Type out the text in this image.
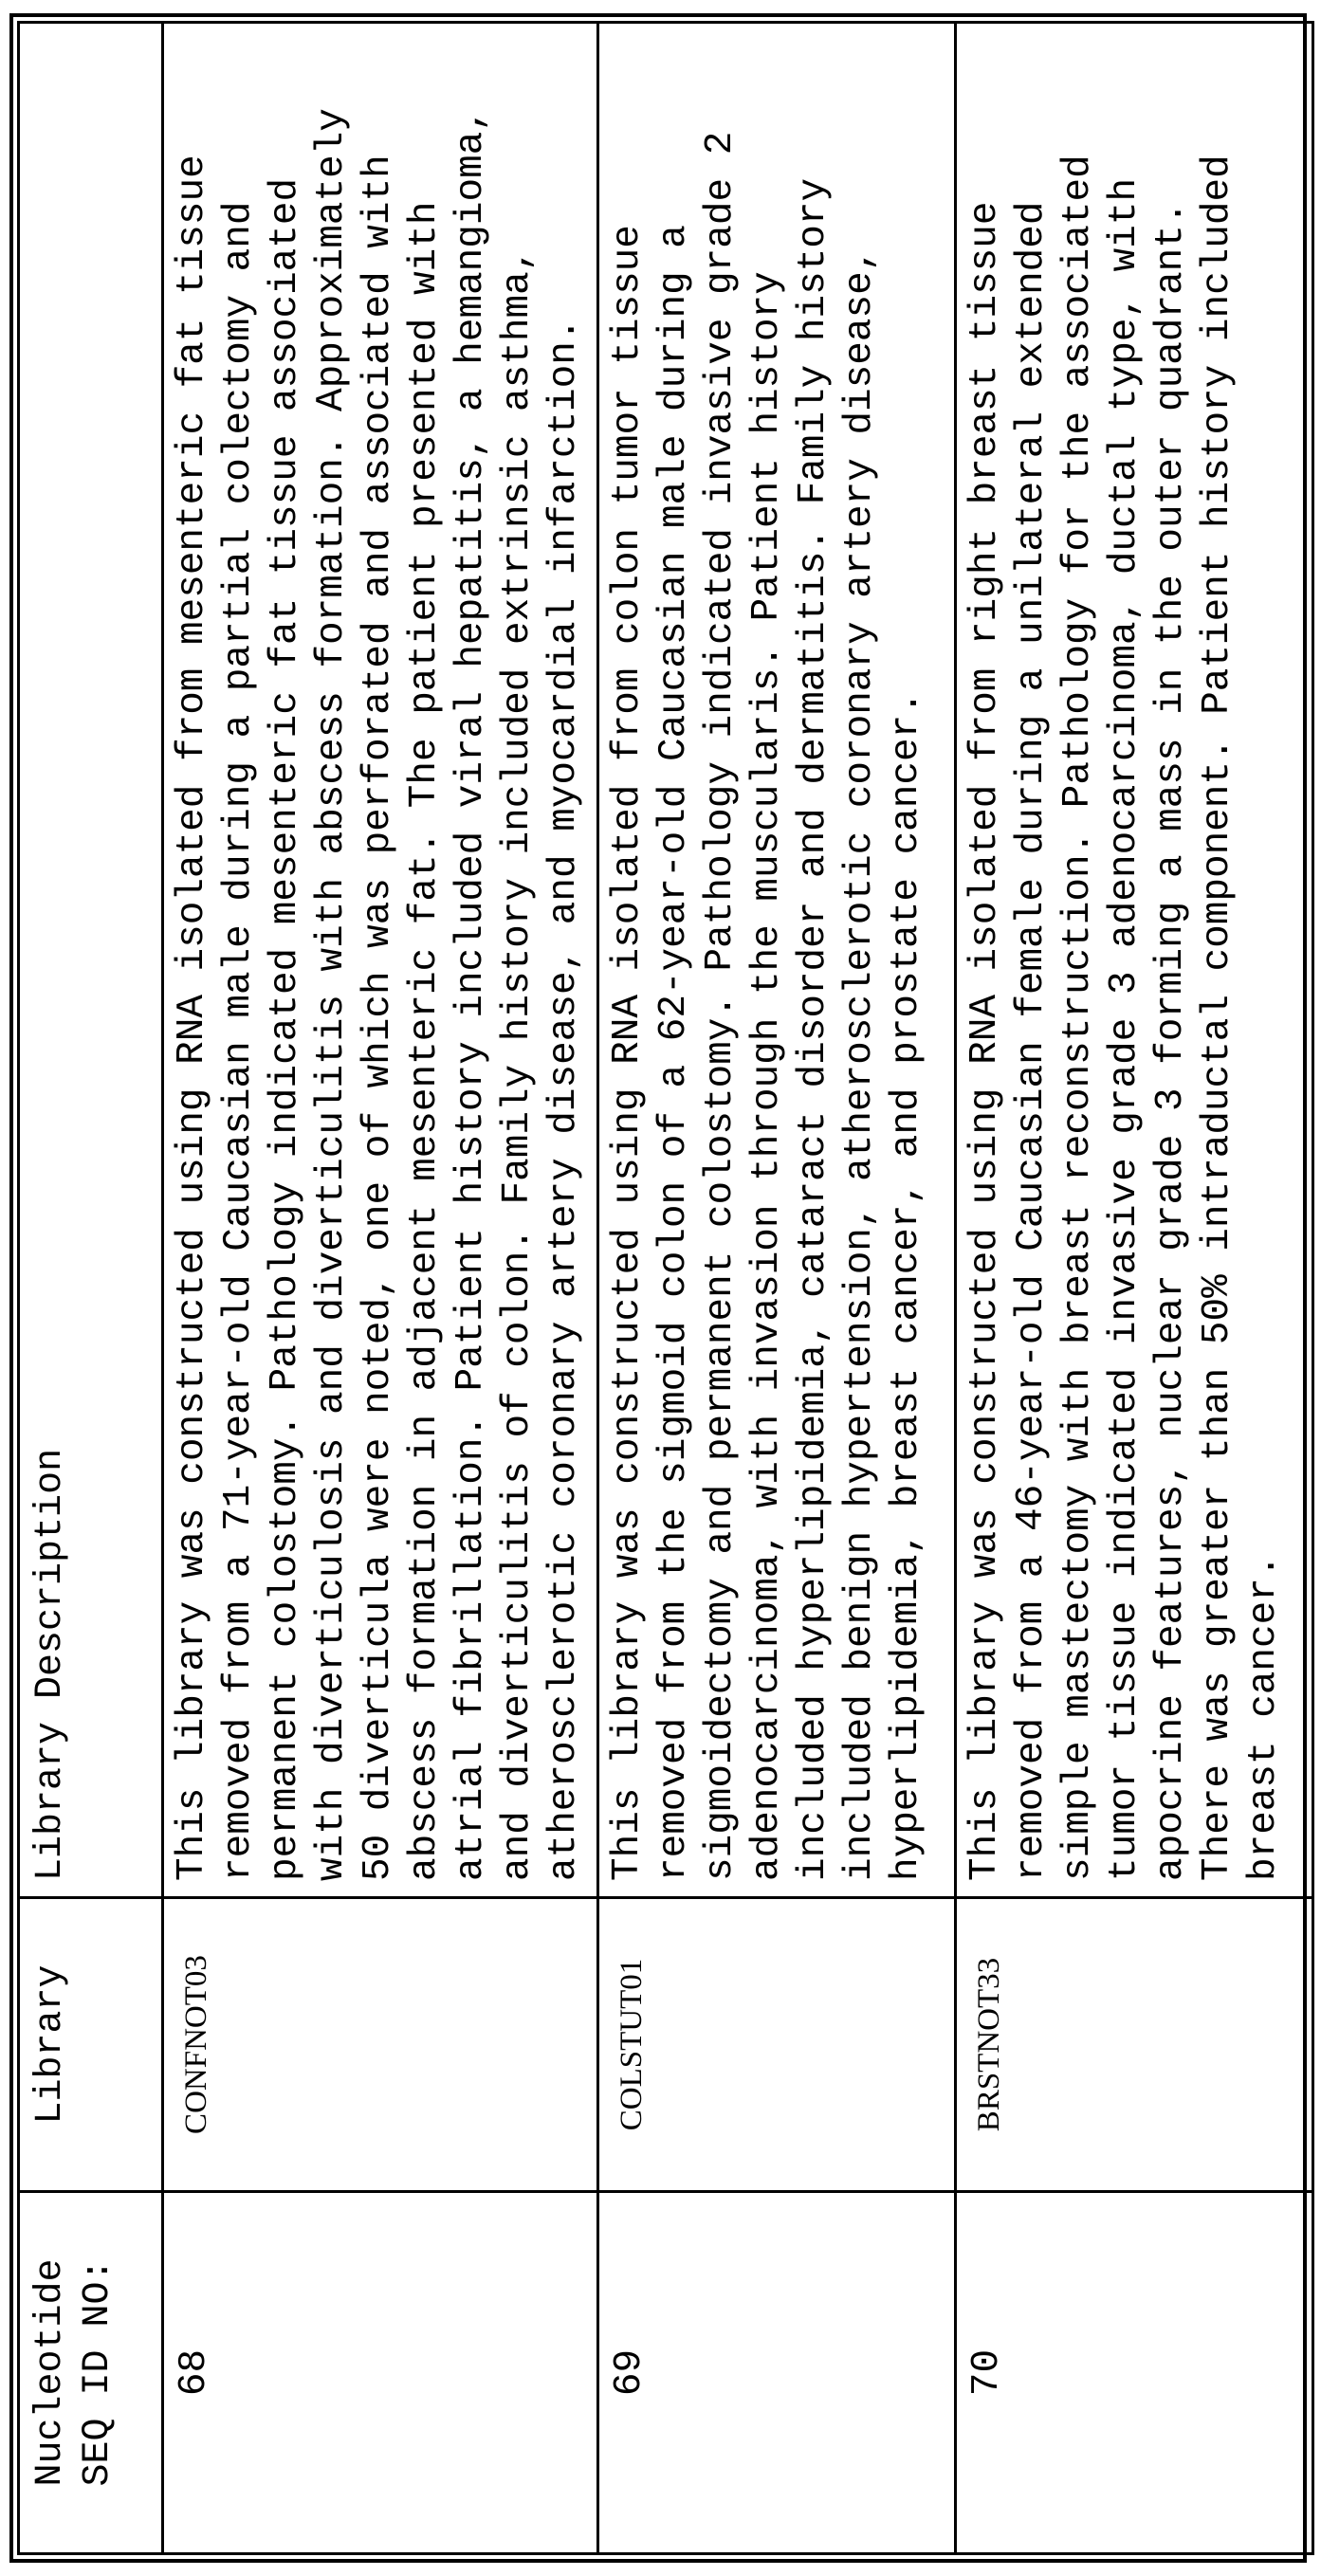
Nucleotide SEQ ID NO:
	Library	Library Description
68	CONFNOT03	
This library was constructed using RNA isolated from mesenteric fat tissue removed from a 71-year-old Caucasian male during a partial colectomy and permanent colostomy. Pathology indicated mesenteric fat tissue associated with diverticulosis and diverticulitis with abscess formation. Approximately 50 diverticula were noted, one of which was perforated and associated with abscess formation in adjacent mesenteric fat. The patient presented with atrial fibrillation. Patient history included viral hepatitis, a hemangioma, and diverticulitis of colon. Family history included extrinsic asthma, atherosclerotic coronary artery disease, and myocardial infarction.

69	COLSTUT01	
This library was constructed using RNA isolated from colon tumor tissue removed from the sigmoid colon of a 62-year-old Caucasian male during a sigmoidectomy and permanent colostomy. Pathology indicated invasive grade 2 adenocarcinoma, with invasion through the muscularis. Patient history included hyperlipidemia, cataract disorder and dermatitis. Family history included benign hypertension, atherosclerotic coronary artery disease, hyperlipidemia, breast cancer, and prostate cancer.

70	BRSTNOT33	
This library was constructed using RNA isolated from right breast tissue removed from a 46-year-old Caucasian female during a unilateral extended simple mastectomy with breast reconstruction. Pathology for the associated tumor tissue indicated invasive grade 3 adenocarcinoma, ductal type, with apocrine features, nuclear grade 3 forming a mass in the outer quadrant. There was greater than 50% intraductal component. Patient history included breast cancer.
